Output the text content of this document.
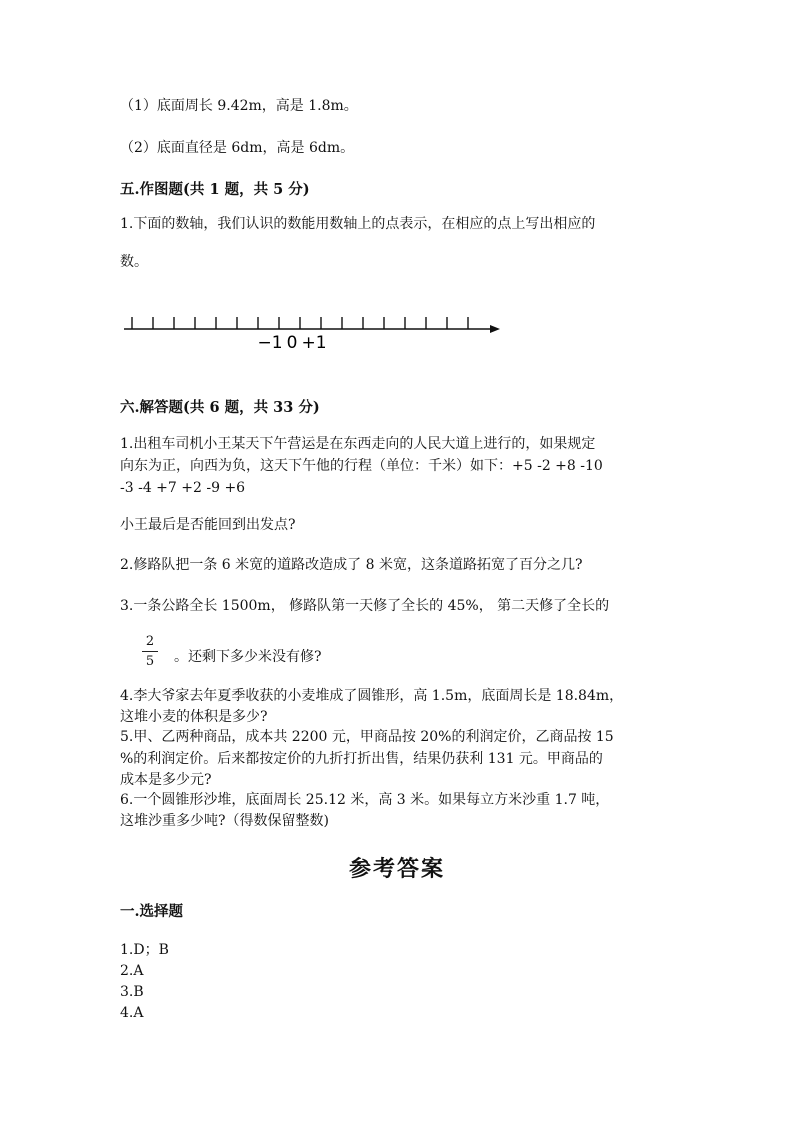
（1）底面周长 9.42m，高是 1.8m。
（2）底面直径是 6dm，高是 6dm。
五.作图题(共 1 题，共 5 分)
1.下面的数轴，我们认识的数能用数轴上的点表示，在相应的点上写出相应的
数。
−1 0 +1
六.解答题(共 6 题，共 33 分)
1.出租车司机小王某天下午营运是在东西走向的人民大道上进行的，如果规定
向东为正，向西为负，这天下午他的行程（单位：千米）如下：+5 -2 +8 -10
-3 -4 +7 +2 -9 +6
小王最后是否能回到出发点?
2.修路队把一条 6 米宽的道路改造成了 8 米宽，这条道路拓宽了百分之几?
3.一条公路全长 1500m， 修路队第一天修了全长的 45%， 第二天修了全长的
2
5 。还剩下多少米没有修?
4.李大爷家去年夏季收获的小麦堆成了圆锥形，高 1.5m，底面周长是 18.84m，
这堆小麦的体积是多少?
5.甲、乙两种商品，成本共 2200 元，甲商品按 20%的利润定价，乙商品按 15
%的利润定价。后来都按定价的九折打折出售，结果仍获利 131 元。甲商品的
成本是多少元?
6.一个圆锥形沙堆，底面周长 25.12 米，高 3 米。如果每立方米沙重 1.7 吨，
这堆沙重多少吨?（得数保留整数)
参考答案
一.选择题
1.D；B
2.A
3.B
4.A
